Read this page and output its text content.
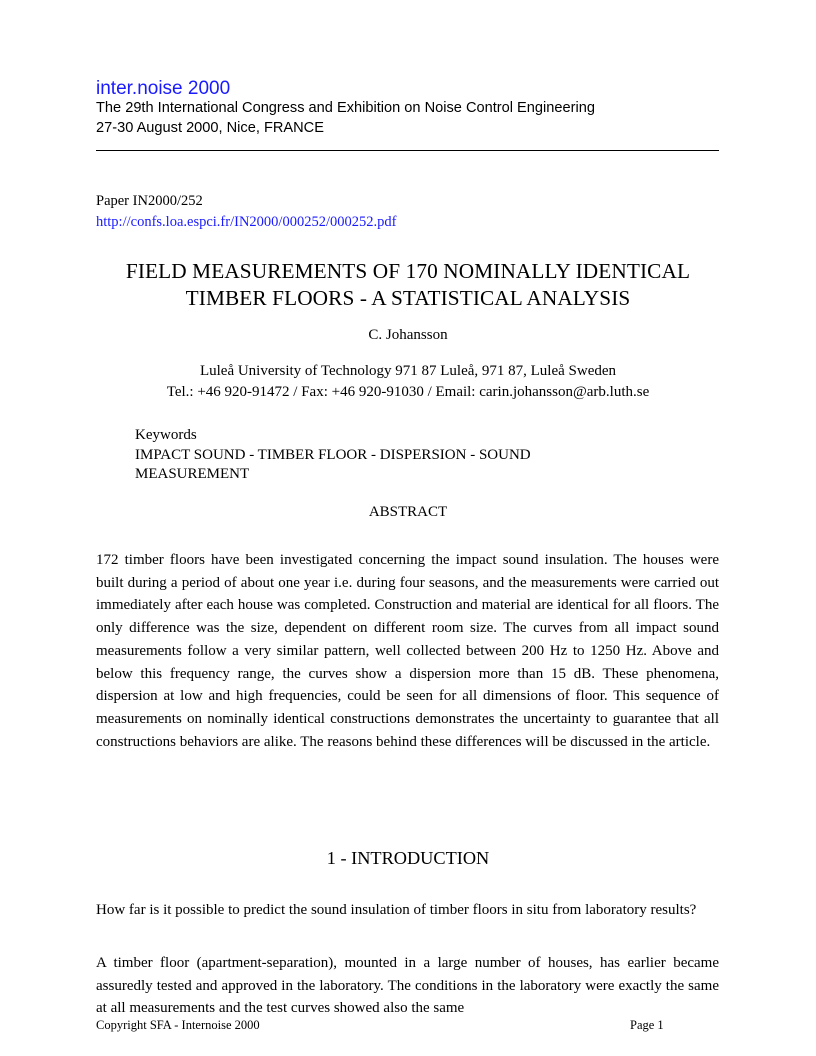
inter.noise 2000
The 29th International Congress and Exhibition on Noise Control Engineering
27-30 August 2000, Nice, FRANCE
Paper IN2000/252
http://confs.loa.espci.fr/IN2000/000252/000252.pdf
FIELD MEASUREMENTS OF 170 NOMINALLY IDENTICAL
TIMBER FLOORS - A STATISTICAL ANALYSIS
C. Johansson
Luleå University of Technology 971 87 Luleå, 971 87, Luleå Sweden
Tel.: +46 920-91472 / Fax: +46 920-91030 / Email: carin.johansson@arb.luth.se
Keywords
IMPACT SOUND - TIMBER FLOOR - DISPERSION - SOUND MEASUREMENT
ABSTRACT

172 timber floors have been investigated concerning the impact sound insulation. The houses were built during a period of about one year i.e. during four seasons, and the measurements were carried out immediately after each house was completed. Construction and material are identical for all floors. The only difference was the size, dependent on different room size. The curves from all impact sound measurements follow a very similar pattern, well collected between 200 Hz to 1250 Hz. Above and below this frequency range, the curves show a dispersion more than 15 dB. These phenomena, dispersion at low and high frequencies, could be seen for all dimensions of floor. This sequence of measurements on nominally identical constructions demonstrates the uncertainty to guarantee that all constructions behaviors are alike. The reasons behind these differences will be discussed in the article.

1 - INTRODUCTION

How far is it possible to predict the sound insulation of timber floors in situ from laboratory results?

A timber floor (apartment-separation), mounted in a large number of houses, has earlier became assuredly tested and approved in the laboratory. The conditions in the laboratory were exactly the same at all measurements and the test curves showed also the same

Copyright SFA - Internoise 2000	Page 1
